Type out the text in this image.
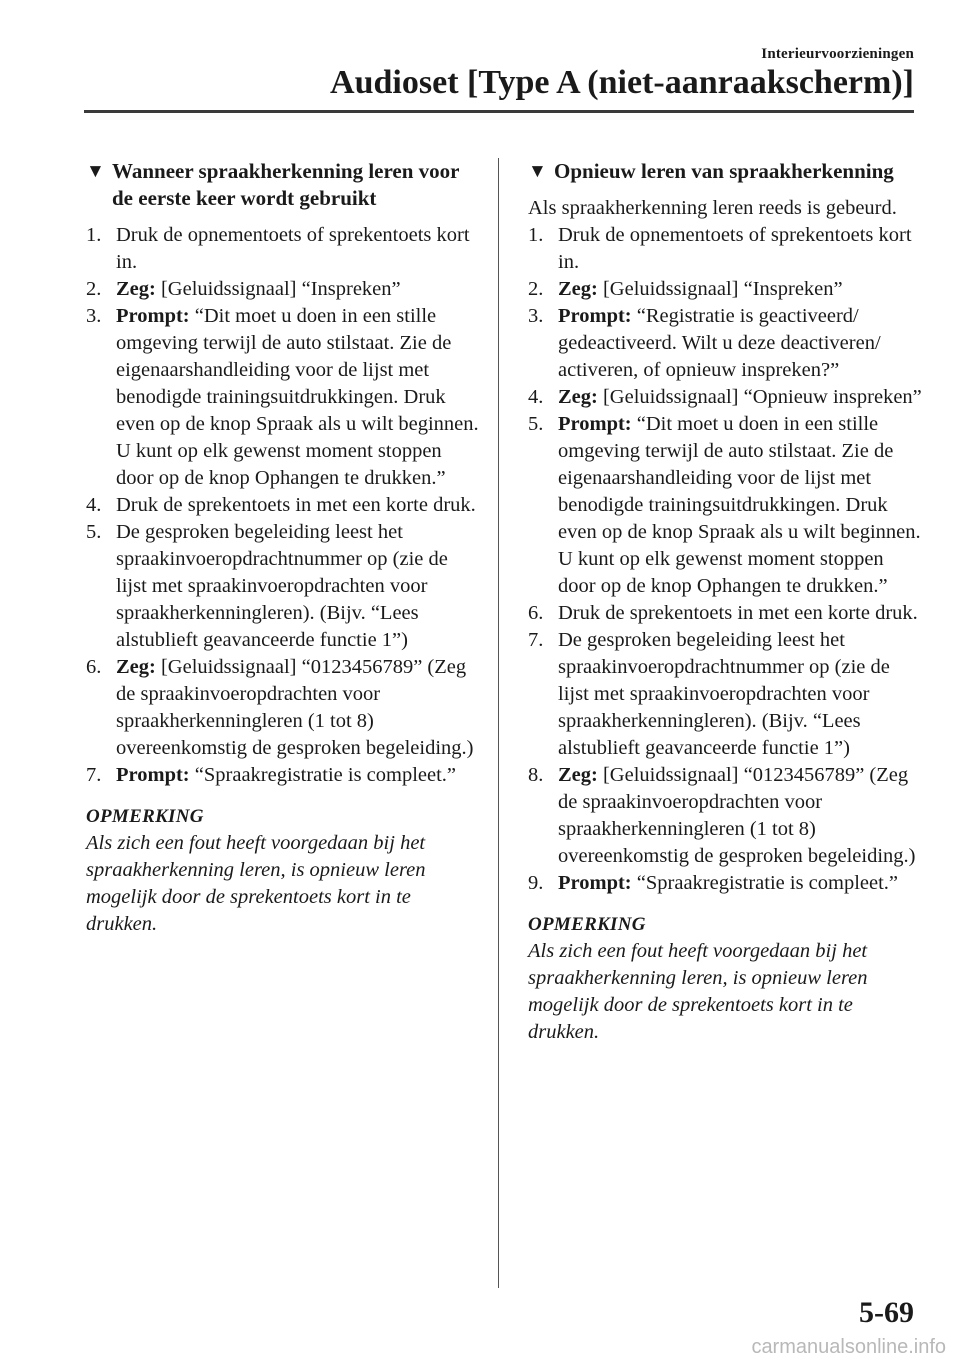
Interieurvoorzieningen
Audioset [Type A (niet-aanraakscherm)]
▼ Wanneer spraakherkenning leren voor de eerste keer wordt gebruikt
1. Druk de opnementoets of sprekentoets kort in.
2. Zeg: [Geluidssignaal] “Inspreken”
3. Prompt: “Dit moet u doen in een stille omgeving terwijl de auto stilstaat. Zie de eigenaarshandleiding voor de lijst met benodigde trainingsuitdrukkingen. Druk even op de knop Spraak als u wilt beginnen. U kunt op elk gewenst moment stoppen door op de knop Ophangen te drukken.”
4. Druk de sprekentoets in met een korte druk.
5. De gesproken begeleiding leest het spraakinvoeropdrachtnummer op (zie de lijst met spraakinvoeropdrachten voor spraakherkenningleren). (Bijv. “Lees alstublieft geavanceerde functie 1”)
6. Zeg: [Geluidssignaal] “0123456789” (Zeg de spraakinvoeropdrachten voor spraakherkenningleren (1 tot 8) overeenkomstig de gesproken begeleiding.)
7. Prompt: “Spraakregistratie is compleet.”
OPMERKING
Als zich een fout heeft voorgedaan bij het spraakherkenning leren, is opnieuw leren mogelijk door de sprekentoets kort in te drukken.
▼ Opnieuw leren van spraakherkenning
Als spraakherkenning leren reeds is gebeurd.
1. Druk de opnementoets of sprekentoets kort in.
2. Zeg: [Geluidssignaal] “Inspreken”
3. Prompt: “Registratie is geactiveerd/ gedeactiveerd. Wilt u deze deactiveren/ activeren, of opnieuw inspreken?”
4. Zeg: [Geluidssignaal] “Opnieuw inspreken”
5. Prompt: “Dit moet u doen in een stille omgeving terwijl de auto stilstaat. Zie de eigenaarshandleiding voor de lijst met benodigde trainingsuitdrukkingen. Druk even op de knop Spraak als u wilt beginnen. U kunt op elk gewenst moment stoppen door op de knop Ophangen te drukken.”
6. Druk de sprekentoets in met een korte druk.
7. De gesproken begeleiding leest het spraakinvoeropdrachtnummer op (zie de lijst met spraakinvoeropdrachten voor spraakherkenningleren). (Bijv. “Lees alstublieft geavanceerde functie 1”)
8. Zeg: [Geluidssignaal] “0123456789” (Zeg de spraakinvoeropdrachten voor spraakherkenningleren (1 tot 8) overeenkomstig de gesproken begeleiding.)
9. Prompt: “Spraakregistratie is compleet.”
OPMERKING
Als zich een fout heeft voorgedaan bij het spraakherkenning leren, is opnieuw leren mogelijk door de sprekentoets kort in te drukken.
5-69
carmanualsonline.info
